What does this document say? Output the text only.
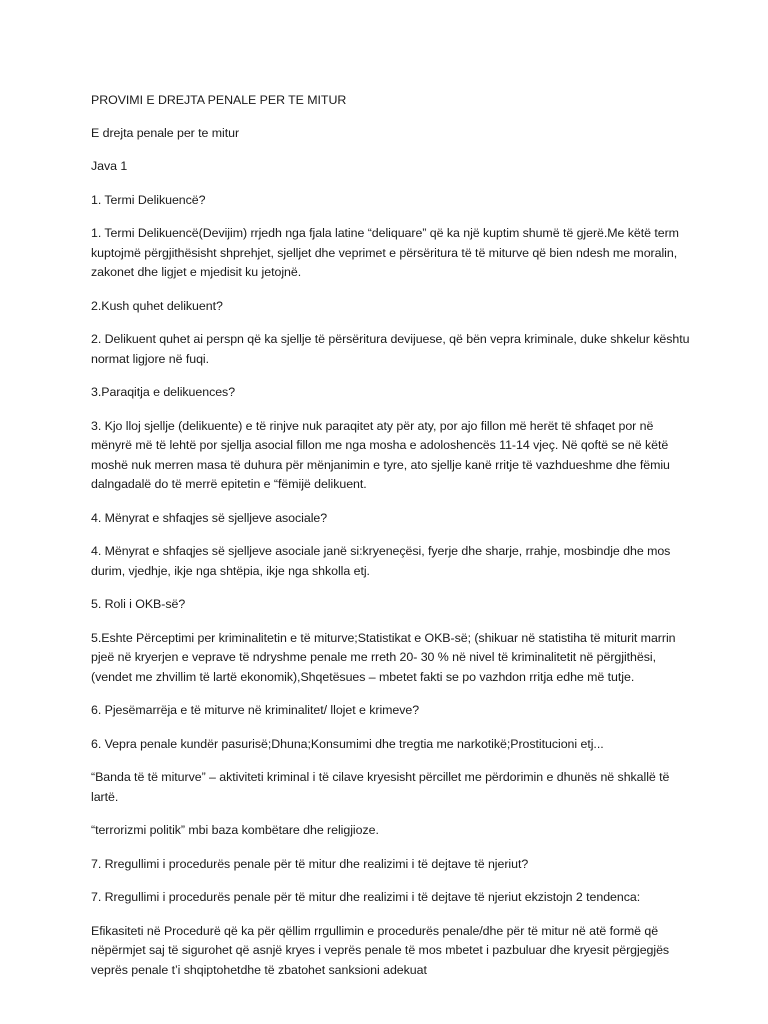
PROVIMI E DREJTA PENALE PER TE MITUR

E drejta penale per te mitur

Java 1

1. Termi Delikuencë?

1. Termi Delikuencë(Devijim) rrjedh nga fjala latine “deliquare” që ka një kuptim shumë të gjerë.Me këtë term kuptojmë përgjithësisht shprehjet, sjelljet dhe veprimet e përsëritura të të miturve që bien ndesh me moralin, zakonet dhe ligjet e mjedisit ku jetojnë.

2.Kush quhet delikuent?

2. Delikuent quhet ai perspn që ka sjellje të përsëritura devijuese, që bën vepra kriminale, duke shkelur kështu normat ligjore në fuqi.

3.Paraqitja e delikuences?

3. Kjo lloj sjellje (delikuente) e të rinjve nuk paraqitet aty për aty, por ajo fillon më herët të shfaqet por në mënyrë më të lehtë por sjellja asocial fillon me nga mosha e adoloshencës 11-14 vjeç. Në qoftë se në këtë moshë nuk merren masa të duhura për mënjanimin e tyre, ato sjellje kanë rritje të vazhdueshme dhe fëmiu dalngadalë do të merrë epitetin e “fëmijë delikuent.

4. Mënyrat e shfaqjes së sjelljeve asociale?

4. Mënyrat e shfaqjes së sjelljeve asociale janë si:kryeneçësi, fyerje dhe sharje, rrahje, mosbindje dhe mos durim, vjedhje, ikje nga shtëpia, ikje nga shkolla etj.

5. Roli i OKB-së?

5.Eshte Përceptimi per kriminalitetin e të miturve;Statistikat e OKB-së; (shikuar në statistiha të miturit marrin pjeë në kryerjen e veprave të ndryshme penale me rreth 20- 30 % në nivel të kriminalitetit në përgjithësi,(vendet me zhvillim të lartë ekonomik),Shqetësues – mbetet fakti se po vazhdon rritja edhe më tutje.

6. Pjesëmarrëja e të miturve në kriminalitet/ llojet e krimeve?

6. Vepra penale kundër pasurisë;Dhuna;Konsumimi dhe tregtia me narkotikë;Prostitucioni etj...

“Banda të të miturve” – aktiviteti kriminal i të cilave kryesisht përcillet me përdorimin e dhunës në shkallë të lartë.

“terrorizmi politik” mbi baza kombëtare dhe religjioze.

7. Rregullimi i procedurës penale për të mitur dhe realizimi i të dejtave të njeriut?

7. Rregullimi i procedurës penale për të mitur dhe realizimi i të dejtave të njeriut ekzistojn 2 tendenca:

Efikasiteti në Procedurë që ka për qëllim rrgullimin e procedurës penale/dhe për të mitur në atë formë që nëpërmjet saj të sigurohet që asnjë kryes i veprës penale të mos mbetet i pazbuluar dhe kryesit përgjegjës veprës penale t’i shqiptohetdhe të zbatohet sanksioni adekuat
